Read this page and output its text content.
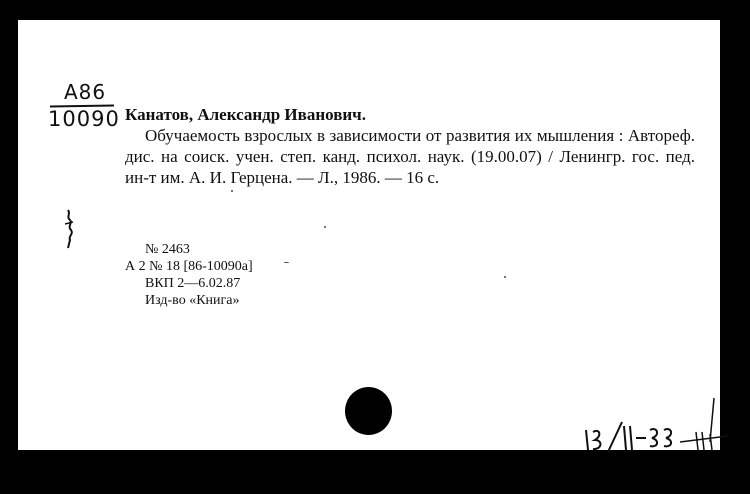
A86
10090 Канатов, Александр Иванович.
Обучаемость взрослых в зависимости от развития их мышления : Автореф. дис. на соиск. учен. степ. канд. психол. наук. (19.00.07) / Ленингр. гос. пед. ин-т им. А. И. Герцена. — Л., 1986. — 16 с.
№ 2463
А 2 № 18 [86-10090а]
ВКП 2—6.02.87
Изд-во «Книга»
